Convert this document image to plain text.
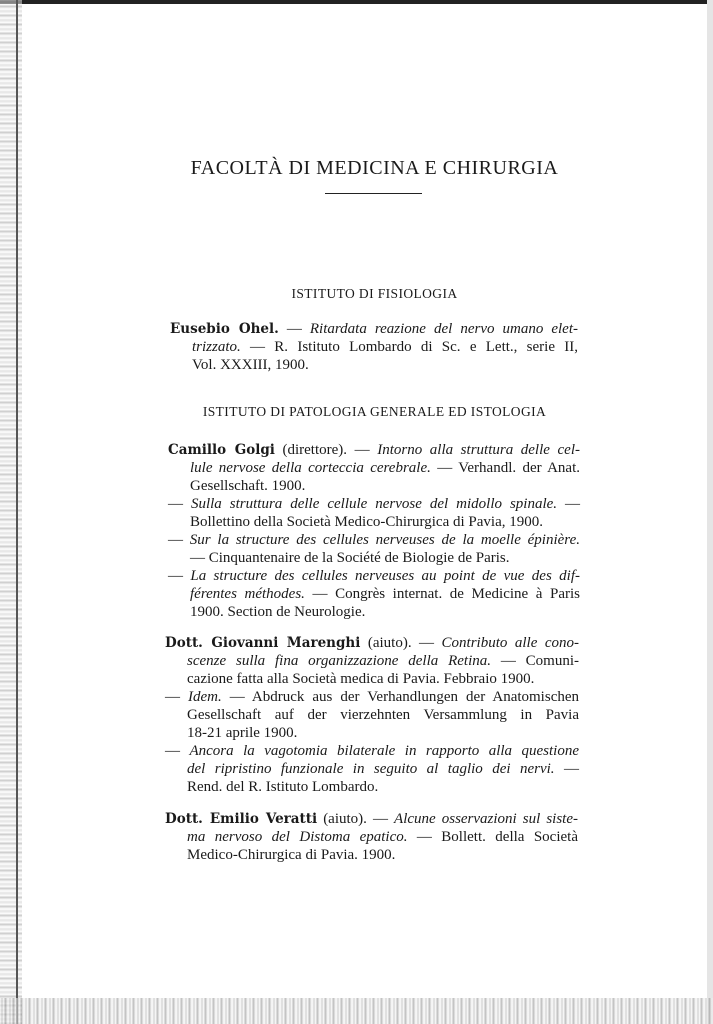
FACOLTÀ DI MEDICINA E CHIRURGIA
ISTITUTO DI FISIOLOGIA
ISTITUTO DI PATOLOGIA GENERALE ED ISTOLOGIA
Eusebio Ohel. — Ritardata reazione del nervo umano elet-
trizzato. — R. Istituto Lombardo di Sc. e Lett., serie II,
Vol. XXXIII, 1900.
Camillo Golgi (direttore). — Intorno alla struttura delle cel-
lule nervose della corteccia cerebrale. — Verhandl. der Anat.
Gesellschaft. 1900.
— Sulla struttura delle cellule nervose del midollo spinale. —
Bollettino della Società Medico-Chirurgica di Pavia, 1900.
— Sur la structure des cellules nerveuses de la moelle épinière.
— Cinquantenaire de la Société de Biologie de Paris.
— La structure des cellules nerveuses au point de vue des dif-
férentes méthodes. — Congrès internat. de Medicine à Paris
1900. Section de Neurologie.
Dott. Giovanni Marenghi (aiuto). — Contributo alle cono-
scenze sulla fina organizzazione della Retina. — Comuni-
cazione fatta alla Società medica di Pavia. Febbraio 1900.
— Idem. — Abdruck aus der Verhandlungen der Anatomischen
Gesellschaft auf der vierzehnten Versammlung in Pavia
18-21 aprile 1900.
— Ancora la vagotomia bilaterale in rapporto alla questione
del ripristino funzionale in seguito al taglio dei nervi. —
Rend. del R. Istituto Lombardo.
Dott. Emilio Veratti (aiuto). — Alcune osservazioni sul siste-
ma nervoso del Distoma epatico. — Bollett. della Società
Medico-Chirurgica di Pavia. 1900.
